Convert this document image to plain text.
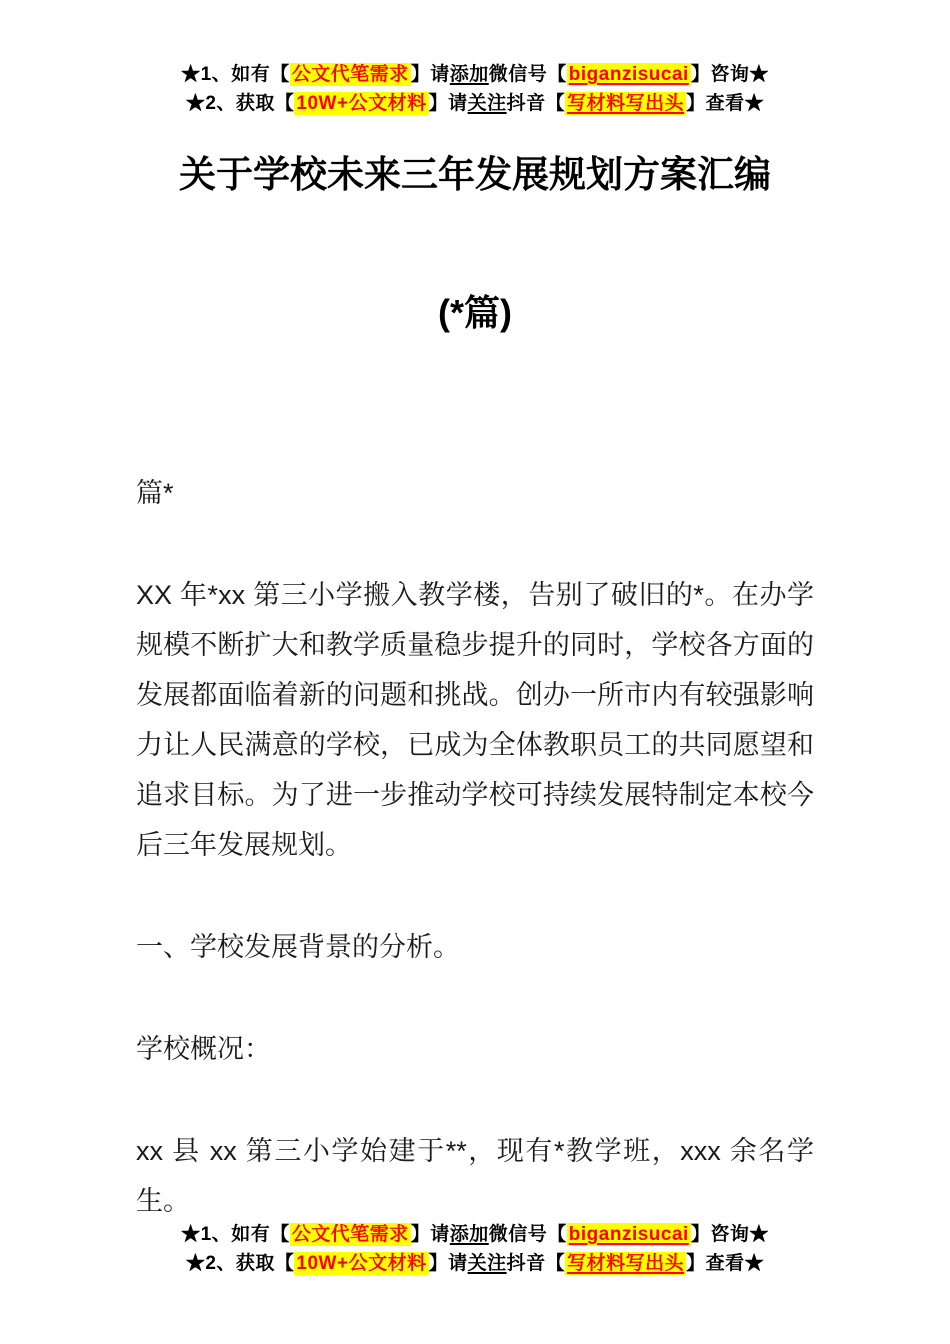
★1、如有【 公文代笔需求 】请添加微信号【 biganzisucai 】咨询★
★2、获取【 10W+公文材料 】请关注抖音【 写材料写出头 】查看★
关于学校未来三年发展规划方案汇编
(*篇)

篇*

XX 年*xx 第三小学搬入教学楼，告别了破旧的*。在办学规模不断扩大和教学质量稳步提升的同时，学校各方面的发展都面临着新的问题和挑战。创办一所市内有较强影响力让人民满意的学校，已成为全体教职员工的共同愿望和追求目标。为了进一步推动学校可持续发展特制定本校今后三年发展规划。

一、学校发展背景的分析。

学校概况：

xx 县 xx 第三小学始建于**，现有*教学班，xxx 余名学生。

★1、如有【 公文代笔需求 】请添加微信号【 biganzisucai 】咨询★
★2、获取【 10W+公文材料 】请关注抖音【 写材料写出头 】查看★
